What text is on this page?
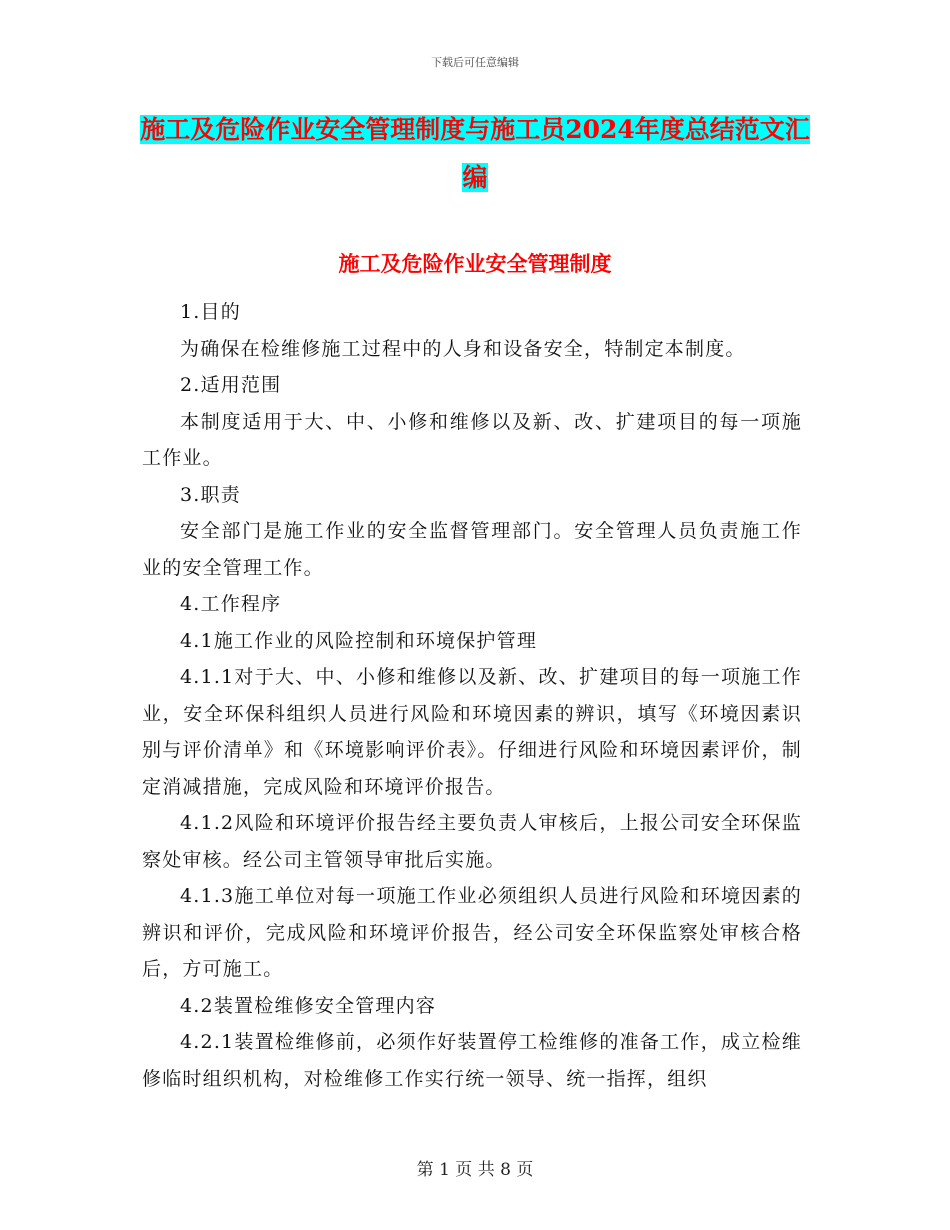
下载后可任意编辑
施工及危险作业安全管理制度与施工员2024年度总结范文汇编
施工及危险作业安全管理制度

1.目的

为确保在检维修施工过程中的人身和设备安全，特制定本制度。

2.适用范围

本制度适用于大、中、小修和维修以及新、改、扩建项目的每一项施工作业。

3.职责

安全部门是施工作业的安全监督管理部门。安全管理人员负责施工作业的安全管理工作。

4.工作程序

4.1施工作业的风险控制和环境保护管理

4.1.1对于大、中、小修和维修以及新、改、扩建项目的每一项施工作业，安全环保科组织人员进行风险和环境因素的辨识，填写《环境因素识别与评价清单》和《环境影响评价表》。仔细进行风险和环境因素评价，制定消减措施，完成风险和环境评价报告。

4.1.2风险和环境评价报告经主要负责人审核后，上报公司安全环保监察处审核。经公司主管领导审批后实施。

4.1.3施工单位对每一项施工作业必须组织人员进行风险和环境因素的辨识和评价，完成风险和环境评价报告，经公司安全环保监察处审核合格后，方可施工。

4.2装置检维修安全管理内容

4.2.1装置检维修前，必须作好装置停工检维修的准备工作，成立检维修临时组织机构，对检维修工作实行统一领导、统一指挥，组织

第 1 页 共 8 页
